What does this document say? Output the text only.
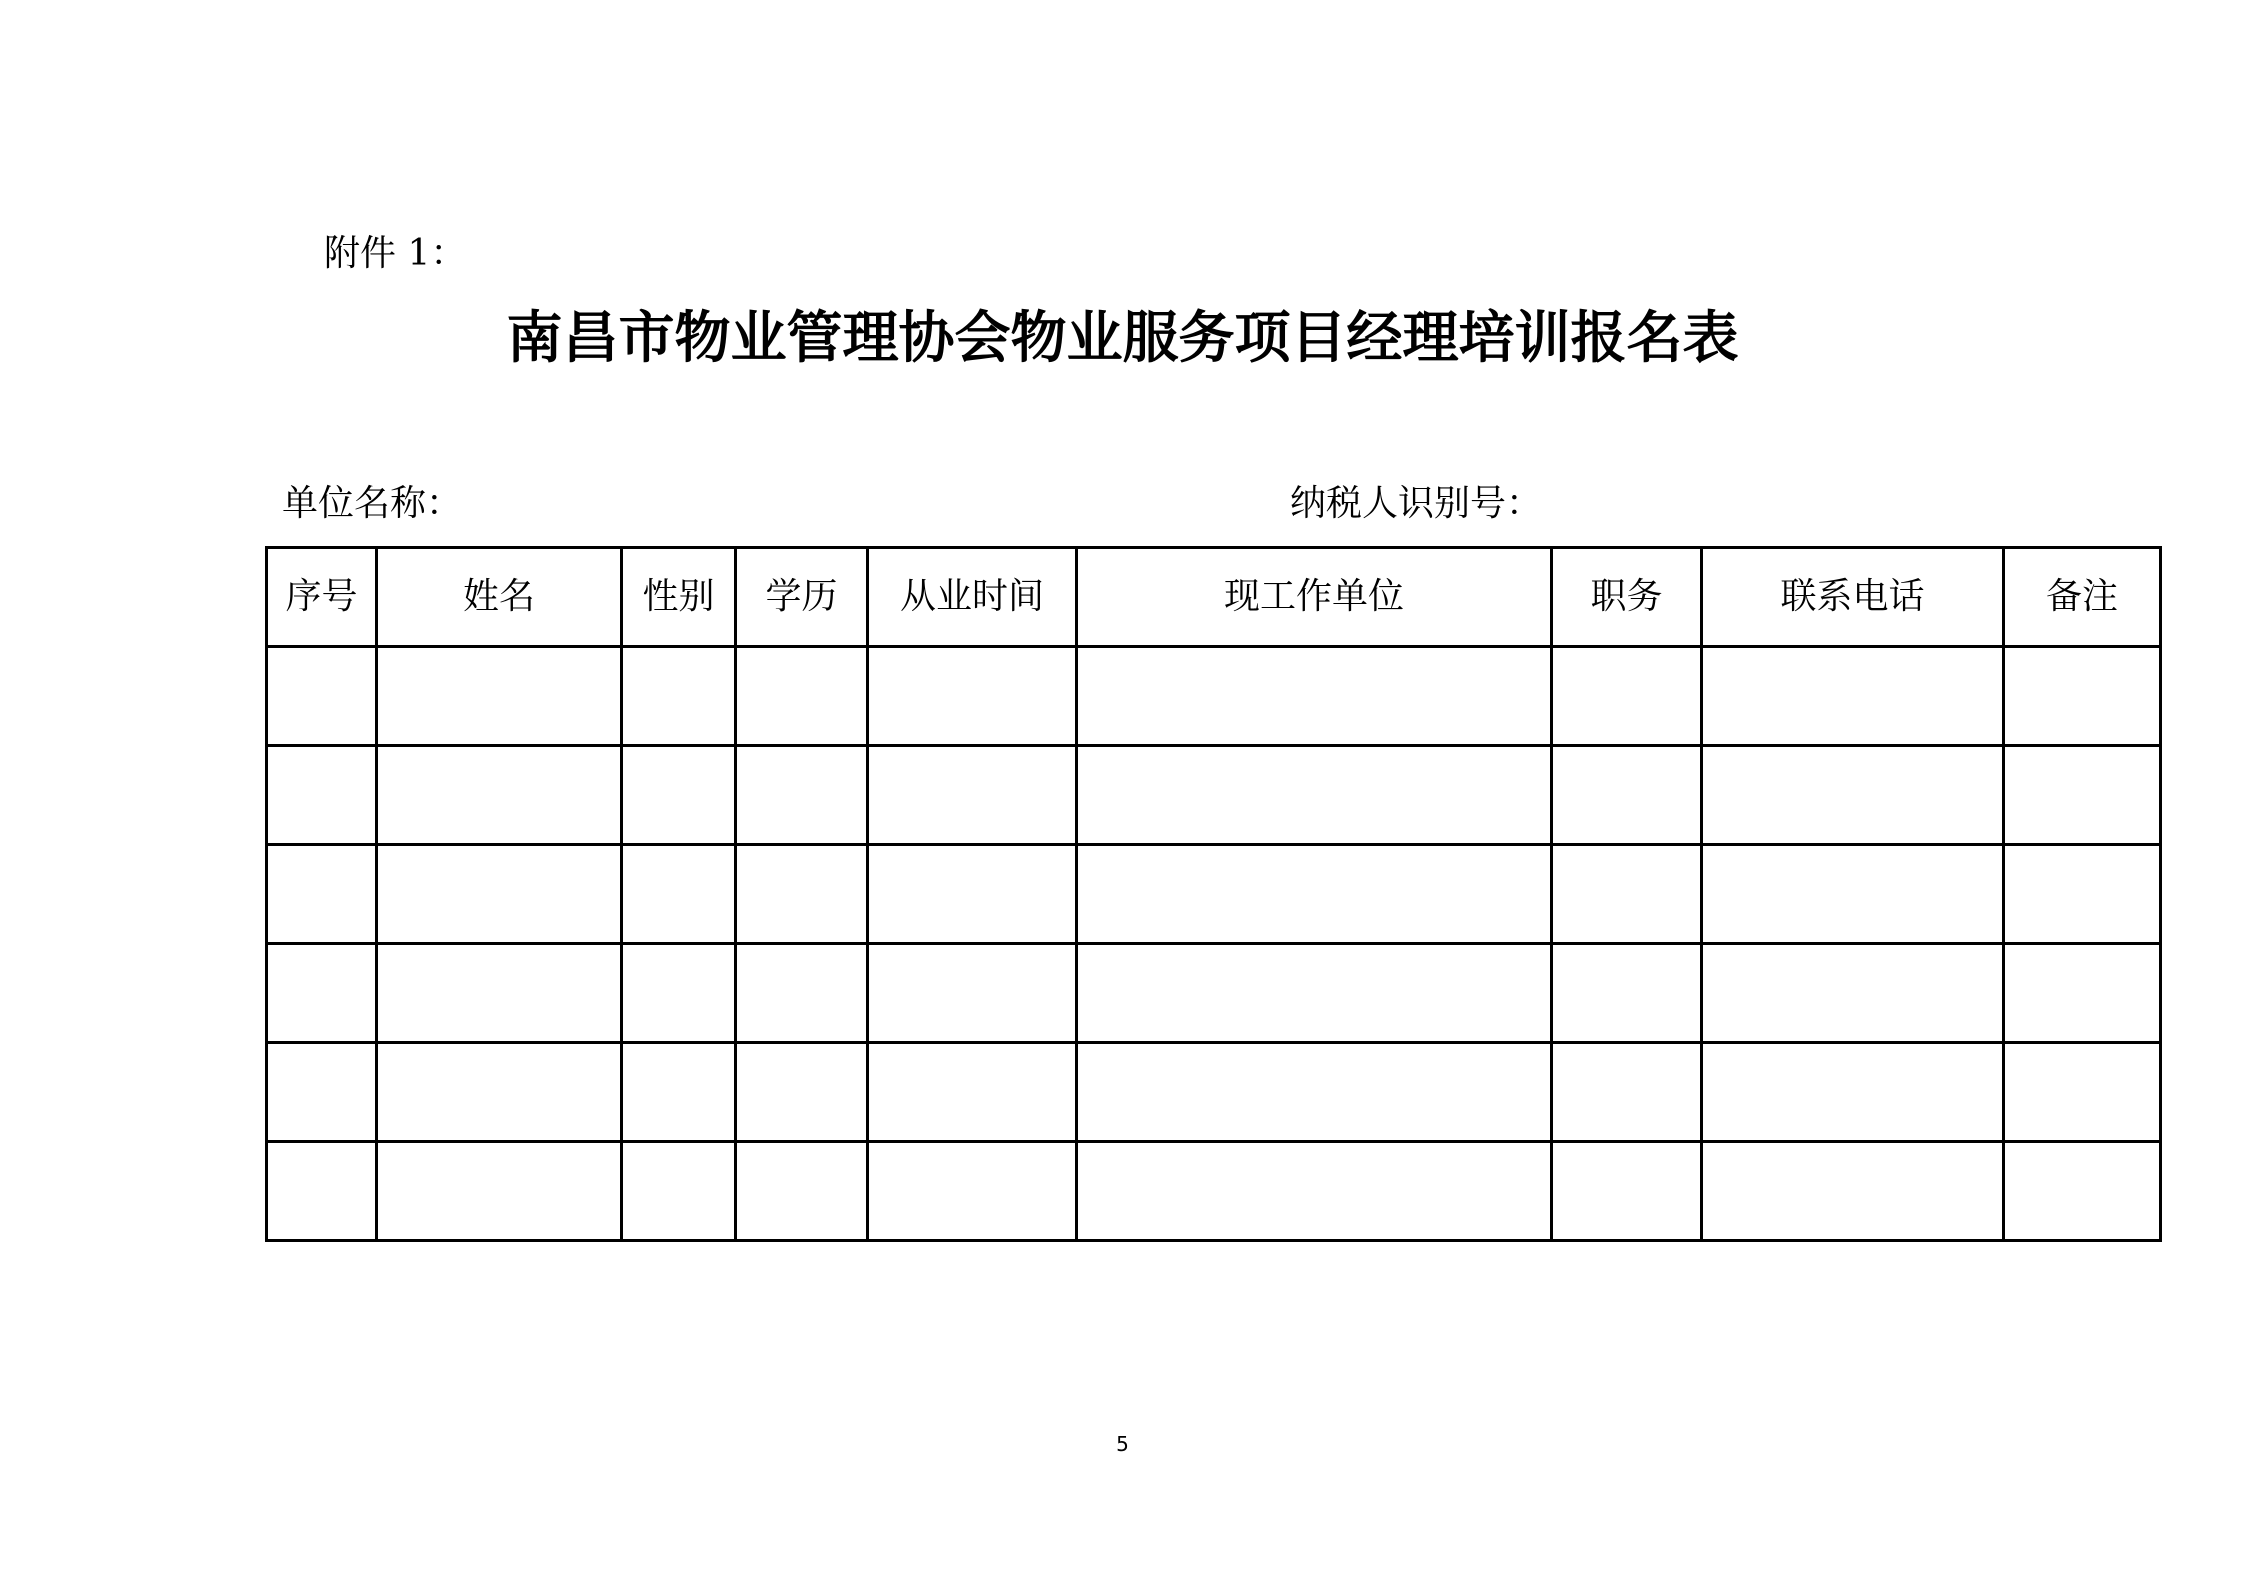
附件 1：
南昌市物业管理协会物业服务项目经理培训报名表
单位名称：	纳税人识别号：
序号	姓名	性别	学历	从业时间	现工作单位	职务	联系电话	备注

5
